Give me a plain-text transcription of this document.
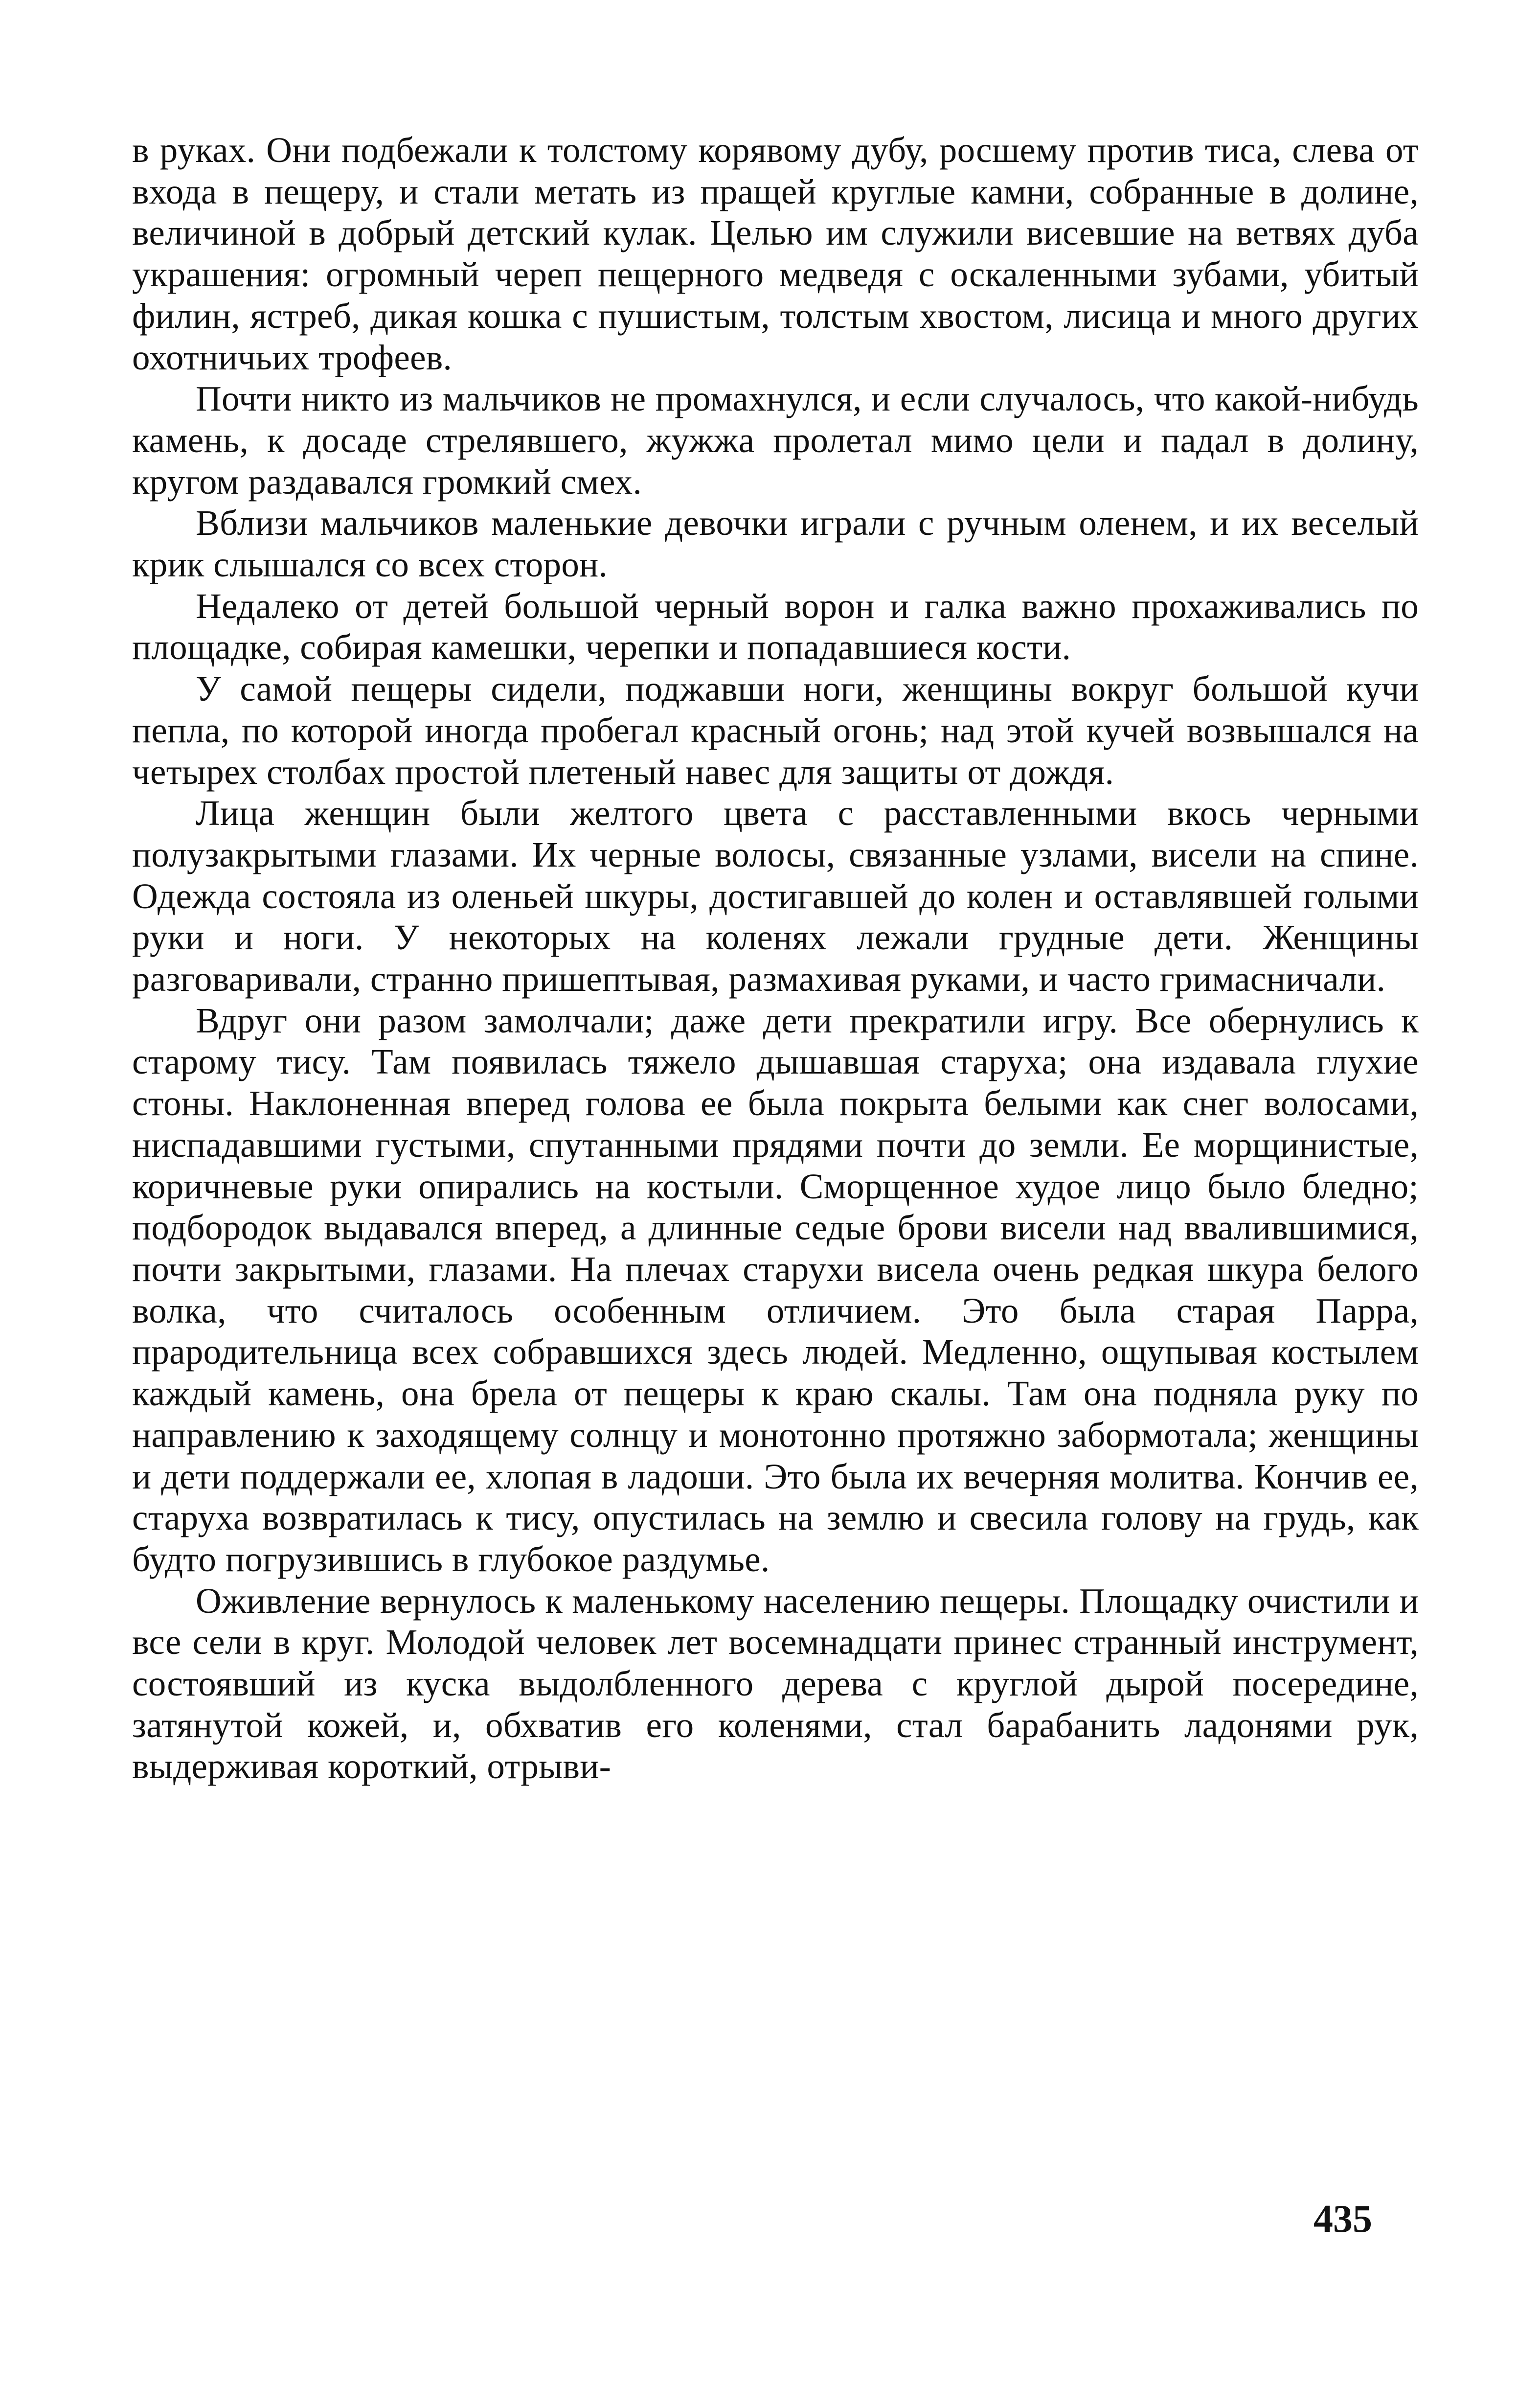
в руках. Они подбежали к толстому корявому дубу, росшему против тиса, слева от входа в пещеру, и стали метать из пращей круглые камни, собранные в долине, величиной в добрый детский кулак. Целью им служили висевшие на ветвях дуба украшения: огромный череп пещерного медведя с оскаленными зубами, убитый филин, ястреб, дикая кошка с пушистым, толстым хвостом, лисица и много других охотничьих трофеев.

Почти никто из мальчиков не промахнулся, и если случалось, что какой-нибудь камень, к досаде стрелявшего, жужжа пролетал мимо цели и падал в долину, кругом раздавался громкий смех.

Вблизи мальчиков маленькие девочки играли с ручным оленем, и их веселый крик слышался со всех сторон.

Недалеко от детей большой черный ворон и галка важно прохаживались по площадке, собирая камешки, черепки и попадавшиеся кости.

У самой пещеры сидели, поджавши ноги, женщины вокруг большой кучи пепла, по которой иногда пробегал красный огонь; над этой кучей возвышался на четырех столбах простой плетеный навес для защиты от дождя.

Лица женщин были желтого цвета с расставленными вкось черными полузакрытыми глазами. Их черные волосы, связанные узлами, висели на спине. Одежда состояла из оленьей шкуры, достигавшей до колен и оставлявшей голыми руки и ноги. У некоторых на коленях лежали грудные дети. Женщины разговаривали, странно пришептывая, размахивая руками, и часто гримасничали.

Вдруг они разом замолчали; даже дети прекратили игру. Все обернулись к старому тису. Там появилась тяжело дышавшая старуха; она издавала глухие стоны. Наклоненная вперед голова ее была покрыта белыми как снег волосами, ниспадавшими густыми, спутанными прядями почти до земли. Ее морщинистые, коричневые руки опирались на костыли. Сморщенное худое лицо было бледно; подбородок выдавался вперед, а длинные седые брови висели над ввалившимися, почти закрытыми, глазами. На плечах старухи висела очень редкая шкура белого волка, что считалось особенным отличием. Это была старая Парра, прародительница всех собравшихся здесь людей. Медленно, ощупывая костылем каждый камень, она брела от пещеры к краю скалы. Там она подняла руку по направлению к заходящему солнцу и монотонно протяжно забормотала; женщины и дети поддержали ее, хлопая в ладоши. Это была их вечерняя молитва. Кончив ее, старуха возвратилась к тису, опустилась на землю и свесила голову на грудь, как будто погрузившись в глубокое раздумье.

Оживление вернулось к маленькому населению пещеры. Площадку очистили и все сели в круг. Молодой человек лет восемнадцати принес странный инструмент, состоявший из куска выдолбленного дерева с круглой дырой посередине, затянутой кожей, и, обхватив его коленями, стал барабанить ладонями рук, выдерживая короткий, отрыви-

435
